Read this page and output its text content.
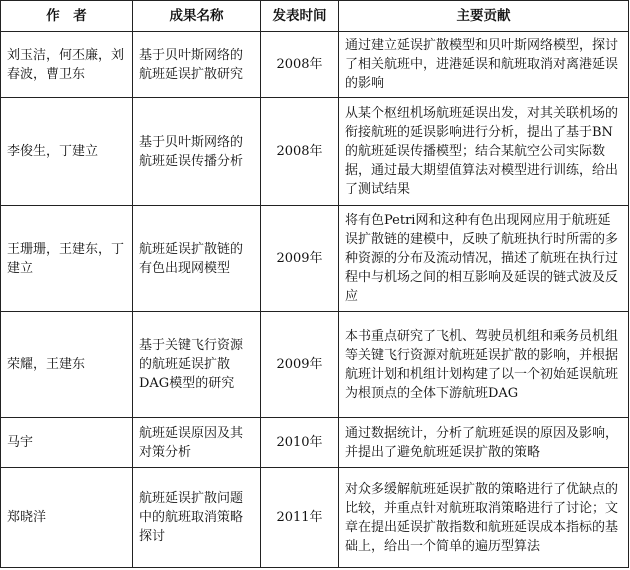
作　者	成果名称	发表时间	主要贡献
刘玉洁，何丕廉，刘春波，曹卫东	基于贝叶斯网络的航班延误扩散研究	2008年	通过建立延误扩散模型和贝叶斯网络模型，探讨了相关航班中，进港延误和航班取消对离港延误的影响
李俊生，丁建立	基于贝叶斯网络的航班延误传播分析	2008年	从某个枢纽机场航班延误出发，对其关联机场的衔接航班的延误影响进行分析，提出了基于BN的航班延误传播模型；结合某航空公司实际数据，通过最大期望值算法对模型进行训练，给出了测试结果
王珊珊，王建东，丁建立	航班延误扩散链的有色出现网模型	2009年	将有色Petri网和这种有色出现网应用于航班延误扩散链的建模中，反映了航班执行时所需的多种资源的分布及流动情况，描述了航班在执行过程中与机场之间的相互影响及延误的链式波及反应
荣耀，王建东	基于关键飞行资源的航班延误扩散DAG模型的研究	2009年	本书重点研究了飞机、驾驶员机组和乘务员机组等关键飞行资源对航班延误扩散的影响，并根据航班计划和机组计划构建了以一个初始延误航班为根顶点的全体下游航班DAG
马宇	航班延误原因及其对策分析	2010年	通过数据统计，分析了航班延误的原因及影响，并提出了避免航班延误扩散的策略
郑晓洋	航班延误扩散问题中的航班取消策略探讨	2011年	对众多缓解航班延误扩散的策略进行了优缺点的比较，并重点针对航班取消策略进行了讨论；文章在提出延误扩散指数和航班延误成本指标的基础上，给出一个简单的遍历型算法
